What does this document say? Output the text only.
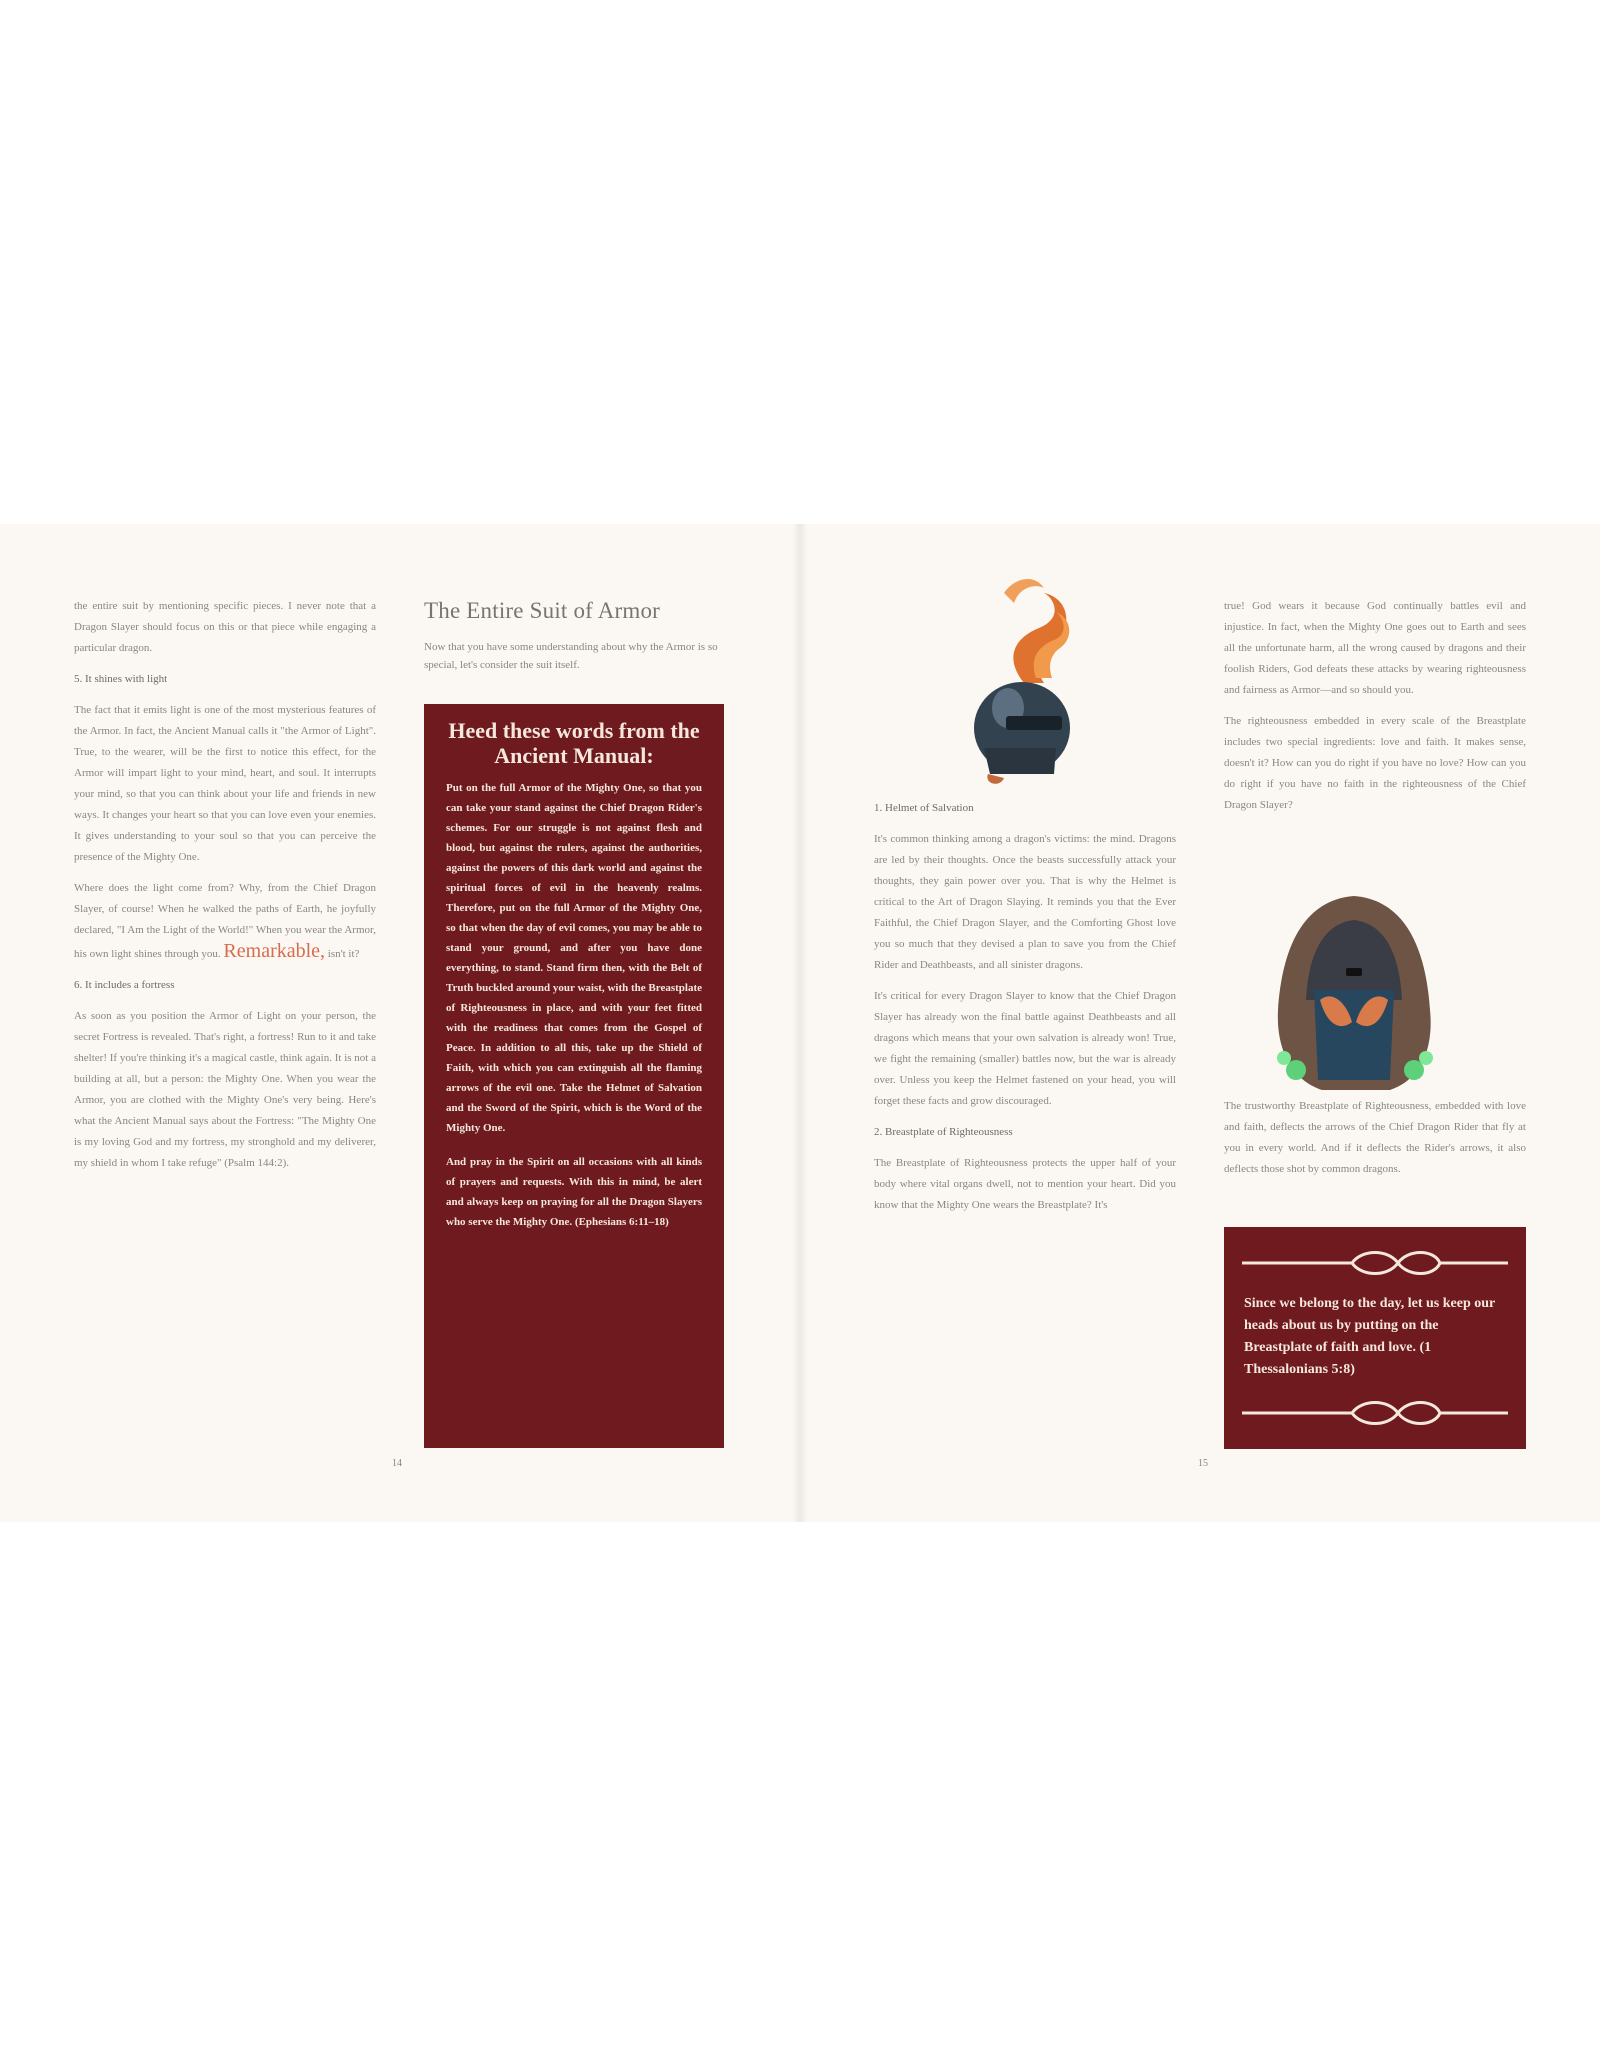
the entire suit by mentioning specific pieces. I never note that a Dragon Slayer should focus on this or that piece while engaging a particular dragon.

5. It shines with light

The fact that it emits light is one of the most mysterious features of the Armor. In fact, the Ancient Manual calls it "the Armor of Light". True, to the wearer, will be the first to notice this effect, for the Armor will impart light to your mind, heart, and soul. It interrupts your mind, so that you can think about your life and friends in new ways. It changes your heart so that you can love even your enemies. It gives understanding to your soul so that you can perceive the presence of the Mighty One.

Where does the light come from? Why, from the Chief Dragon Slayer, of course! When he walked the paths of Earth, he joyfully declared, "I Am the Light of the World!" When you wear the Armor, his own light shines through you. Remarkable, isn't it?

6. It includes a fortress

As soon as you position the Armor of Light on your person, the secret Fortress is revealed. That's right, a fortress! Run to it and take shelter! If you're thinking it's a magical castle, think again. It is not a building at all, but a person: the Mighty One. When you wear the Armor, you are clothed with the Mighty One's very being. Here's what the Ancient Manual says about the Fortress: "The Mighty One is my loving God and my fortress, my stronghold and my deliverer, my shield in whom I take refuge" (Psalm 144:2).

14
The Entire Suit of Armor
Now that you have some understanding about why the Armor is so special, let's consider the suit itself.
Heed these words from the Ancient Manual:

Put on the full Armor of the Mighty One, so that you can take your stand against the Chief Dragon Rider's schemes. For our struggle is not against flesh and blood, but against the rulers, against the authorities, against the powers of this dark world and against the spiritual forces of evil in the heavenly realms. Therefore, put on the full Armor of the Mighty One, so that when the day of evil comes, you may be able to stand your ground, and after you have done everything, to stand. Stand firm then, with the Belt of Truth buckled around your waist, with the Breastplate of Righteousness in place, and with your feet fitted with the readiness that comes from the Gospel of Peace. In addition to all this, take up the Shield of Faith, with which you can extinguish all the flaming arrows of the evil one. Take the Helmet of Salvation and the Sword of the Spirit, which is the Word of the Mighty One.

And pray in the Spirit on all occasions with all kinds of prayers and requests. With this in mind, be alert and always keep on praying for all the Dragon Slayers who serve the Mighty One. (Ephesians 6:11–18)

1. Helmet of Salvation

It's common thinking among a dragon's victims: the mind. Dragons are led by their thoughts. Once the beasts successfully attack your thoughts, they gain power over you. That is why the Helmet is critical to the Art of Dragon Slaying. It reminds you that the Ever Faithful, the Chief Dragon Slayer, and the Comforting Ghost love you so much that they devised a plan to save you from the Chief Rider and Deathbeasts, and all sinister dragons.

It's critical for every Dragon Slayer to know that the Chief Dragon Slayer has already won the final battle against Deathbeasts and all dragons which means that your own salvation is already won! True, we fight the remaining (smaller) battles now, but the war is already over. Unless you keep the Helmet fastened on your head, you will forget these facts and grow discouraged.

2. Breastplate of Righteousness

The Breastplate of Righteousness protects the upper half of your body where vital organs dwell, not to mention your heart. Did you know that the Mighty One wears the Breastplate? It's

15

true! God wears it because God continually battles evil and injustice. In fact, when the Mighty One goes out to Earth and sees all the unfortunate harm, all the wrong caused by dragons and their foolish Riders, God defeats these attacks by wearing righteousness and fairness as Armor—and so should you.

The righteousness embedded in every scale of the Breastplate includes two special ingredients: love and faith. It makes sense, doesn't it? How can you do right if you have no love? How can you do right if you have no faith in the righteousness of the Chief Dragon Slayer?

The trustworthy Breastplate of Righteousness, embedded with love and faith, deflects the arrows of the Chief Dragon Rider that fly at you in every world. And if it deflects the Rider's arrows, it also deflects those shot by common dragons.

Since we belong to the day, let us keep our heads about us by putting on the Breastplate of faith and love. (1 Thessalonians 5:8)
